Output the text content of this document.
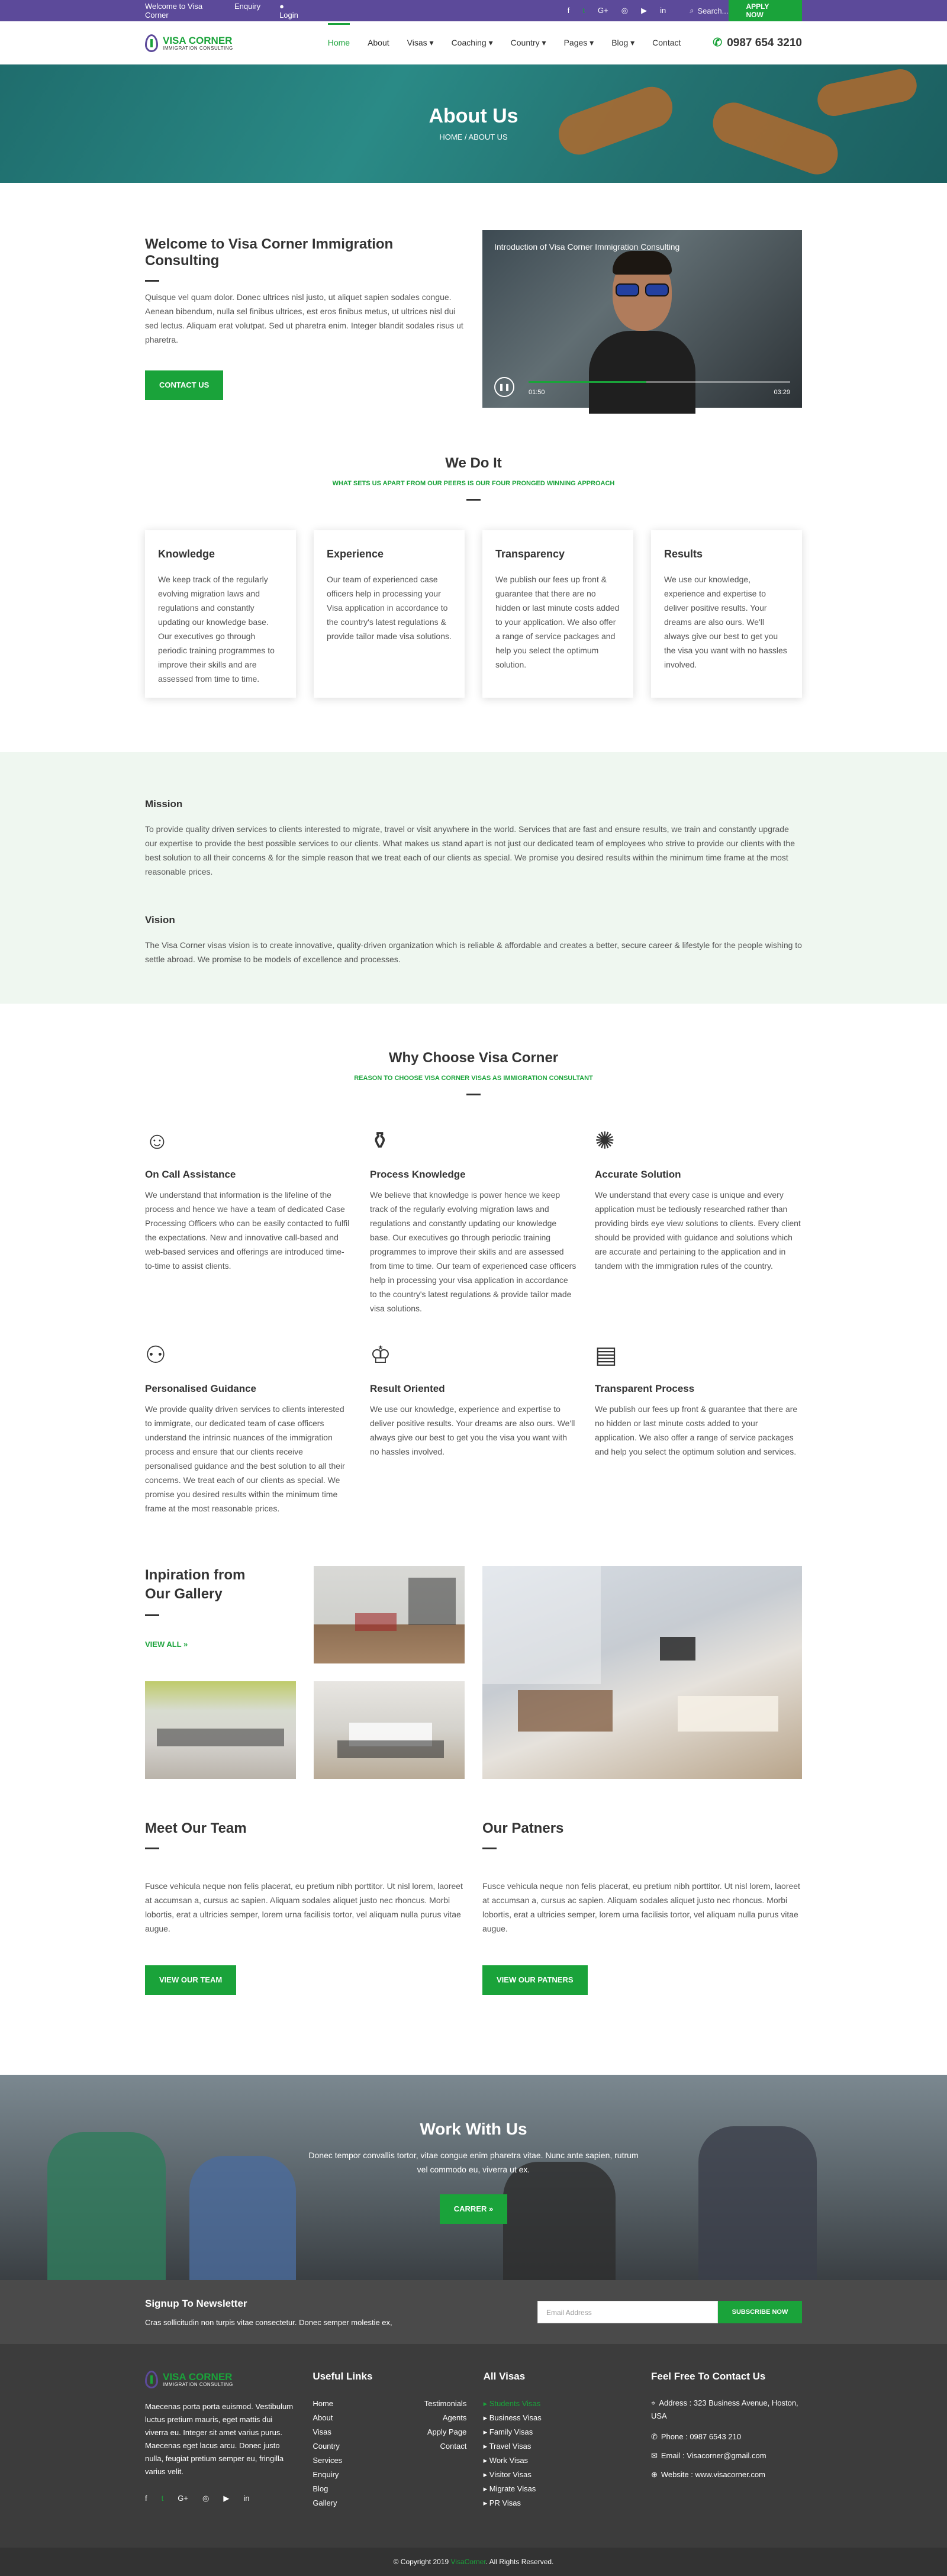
Welcome to Visa Corner
Enquiry ● Login
f t G+ ◎ ▶ in	⌕ Search...	APPLY NOW
VISA CORNER
IMMIGRATION CONSULTING
Home About Visas ▾ Coaching ▾ Country ▾ Pages ▾ Blog ▾ Contact	✆ 0987 654 3210
About Us
HOME / ABOUT US
Welcome to Visa Corner Immigration Consulting

Quisque vel quam dolor. Donec ultrices nisl justo, ut aliquet sapien sodales congue. Aenean bibendum, nulla sel finibus ultrices, est eros finibus metus, ut ultrices nisl dui sed lectus. Aliquam erat volutpat. Sed ut pharetra enim. Integer blandit sodales risus ut pharetra.

CONTACT US
Introduction of Visa Corner Immigration Consulting
❚❚
01:50	03:29
We Do It
WHAT SETS US APART FROM OUR PEERS IS OUR FOUR PRONGED WINNING APPROACH
Knowledge

We keep track of the regularly evolving migration laws and regulations and constantly updating our knowledge base. Our executives go through periodic training programmes to improve their skills and are assessed from time to time.

Experience

Our team of experienced case officers help in processing your Visa application in accordance to the country's latest regulations & provide tailor made visa solutions.

Transparency

We publish our fees up front & guarantee that there are no hidden or last minute costs added to your application. We also offer a range of service packages and help you select the optimum solution.

Results

We use our knowledge, experience and expertise to deliver positive results. Your dreams are also ours. We'll always give our best to get you the visa you want with no hassles involved.

Mission

To provide quality driven services to clients interested to migrate, travel or visit anywhere in the world. Services that are fast and ensure results, we train and constantly upgrade our expertise to provide the best possible services to our clients. What makes us stand apart is not just our dedicated team of employees who strive to provide our clients with the best solution to all their concerns & for the simple reason that we treat each of our clients as special. We promise you desired results within the minimum time frame at the most reasonable prices.

Vision

The Visa Corner visas vision is to create innovative, quality-driven organization which is reliable & affordable and creates a better, secure career & lifestyle for the people wishing to settle abroad. We promise to be models of excellence and processes.

Why Choose Visa Corner
REASON TO CHOOSE VISA CORNER VISAS AS IMMIGRATION CONSULTANT
☺
On Call Assistance

We understand that information is the lifeline of the process and hence we have a team of dedicated Case Processing Officers who can be easily contacted to fulfil the expectations. New and innovative call-based and web-based services and offerings are introduced time-to-time to assist clients.

⚱
Process Knowledge

We believe that knowledge is power hence we keep track of the regularly evolving migration laws and regulations and constantly updating our knowledge base. Our executives go through periodic training programmes to improve their skills and are assessed from time to time. Our team of experienced case officers help in processing your visa application in accordance to the country's latest regulations & provide tailor made visa solutions.

✺
Accurate Solution

We understand that every case is unique and every application must be tediously researched rather than providing birds eye view solutions to clients. Every client should be provided with guidance and solutions which are accurate and pertaining to the application and in tandem with the immigration rules of the country.

⚇
Personalised Guidance

We provide quality driven services to clients interested to immigrate, our dedicated team of case officers understand the intrinsic nuances of the immigration process and ensure that our clients receive personalised guidance and the best solution to all their concerns. We treat each of our clients as special. We promise you desired results within the minimum time frame at the most reasonable prices.

♔
Result Oriented

We use our knowledge, experience and expertise to deliver positive results. Your dreams are also ours. We'll always give our best to get you the visa you want with no hassles involved.

▤
Transparent Process

We publish our fees up front & guarantee that there are no hidden or last minute costs added to your application. We also offer a range of service packages and help you select the optimum solution and services.

Inpiration from
Our Gallery
VIEW ALL »
Meet Our Team

Fusce vehicula neque non felis placerat, eu pretium nibh porttitor. Ut nisl lorem, laoreet at accumsan a, cursus ac sapien. Aliquam sodales aliquet justo nec rhoncus. Morbi lobortis, erat a ultricies semper, lorem urna facilisis tortor, vel aliquam nulla purus vitae augue.

VIEW OUR TEAM
Our Patners

Fusce vehicula neque non felis placerat, eu pretium nibh porttitor. Ut nisl lorem, laoreet at accumsan a, cursus ac sapien. Aliquam sodales aliquet justo nec rhoncus. Morbi lobortis, erat a ultricies semper, lorem urna facilisis tortor, vel aliquam nulla purus vitae augue.

VIEW OUR PATNERS
Work With Us

Donec tempor convallis tortor, vitae congue enim pharetra vitae. Nunc ante sapien, rutrum vel commodo eu, viverra ut ex.

CARRER »
Signup To Newsletter
Cras sollicitudin non turpis vitae consectetur. Donec semper molestie ex,
Email Address	SUBSCRIBE NOW
VISA CORNER
IMMIGRATION CONSULTING

Maecenas porta porta euismod. Vestibulum luctus pretium mauris, eget mattis dui viverra eu. Integer sit amet varius purus. Maecenas eget lacus arcu. Donec justo nulla, feugiat pretium semper eu, fringilla varius velit.

f t G+ ◎ ▶ in
Useful Links
Home
About
Visas
Country
Services
Enquiry
Blog
Gallery
Testimonials
Agents
Apply Page
Contact
All Visas
▸ Students Visas
▸ Business Visas
▸ Family Visas
▸ Travel Visas
▸ Work Visas
▸ Visitor Visas
▸ Migrate Visas
▸ PR Visas
Feel Free To Contact Us
⌖ Address : 323 Business Avenue, Hoston, USA
✆ Phone : 0987 6543 210
✉ Email : Visacorner@gmail.com
⊕ Website : www.visacorner.com
© Copyright 2019 VisaCorner. All Rights Reserved.
